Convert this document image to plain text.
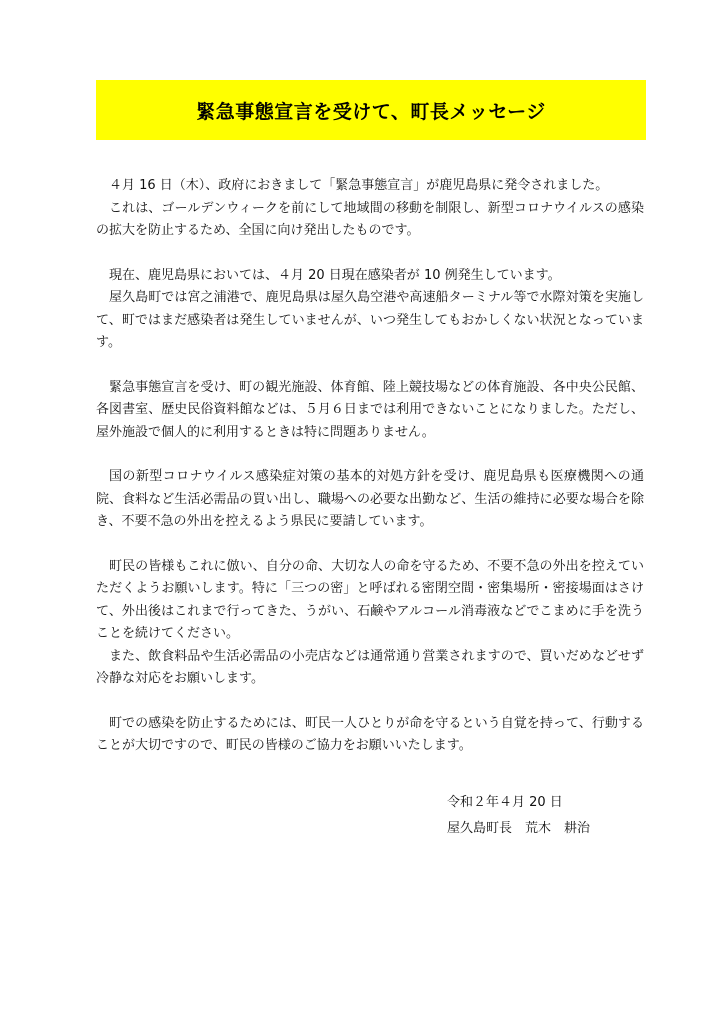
緊急事態宣言を受けて、町長メッセージ

４月 16 日（木）、政府におきまして「緊急事態宣言」が鹿児島県に発令されました。

これは、ゴールデンウィークを前にして地域間の移動を制限し、新型コロナウイルスの感染の拡大を防止するため、全国に向け発出したものです。

現在、鹿児島県においては、４月 20 日現在感染者が 10 例発生しています。

屋久島町では宮之浦港で、鹿児島県は屋久島空港や高速船ターミナル等で水際対策を実施して、町ではまだ感染者は発生していませんが、いつ発生してもおかしくない状況となっています。

緊急事態宣言を受け、町の観光施設、体育館、陸上競技場などの体育施設、各中央公民館、各図書室、歴史民俗資料館などは、５月６日までは利用できないことになりました。ただし、屋外施設で個人的に利用するときは特に問題ありません。

国の新型コロナウイルス感染症対策の基本的対処方針を受け、鹿児島県も医療機関への通院、食料など生活必需品の買い出し、職場への必要な出勤など、生活の維持に必要な場合を除き、不要不急の外出を控えるよう県民に要請しています。

町民の皆様もこれに倣い、自分の命、大切な人の命を守るため、不要不急の外出を控えていただくようお願いします。特に「三つの密」と呼ばれる密閉空間・密集場所・密接場面はさけて、外出後はこれまで行ってきた、うがい、石鹸やアルコール消毒液などでこまめに手を洗うことを続けてください。

また、飲食料品や生活必需品の小売店などは通常通り営業されますので、買いだめなどせず冷静な対応をお願いします。

町での感染を防止するためには、町民一人ひとりが命を守るという自覚を持って、行動することが大切ですので、町民の皆様のご協力をお願いいたします。

令和２年４月 20 日
屋久島町長　荒木　耕治
